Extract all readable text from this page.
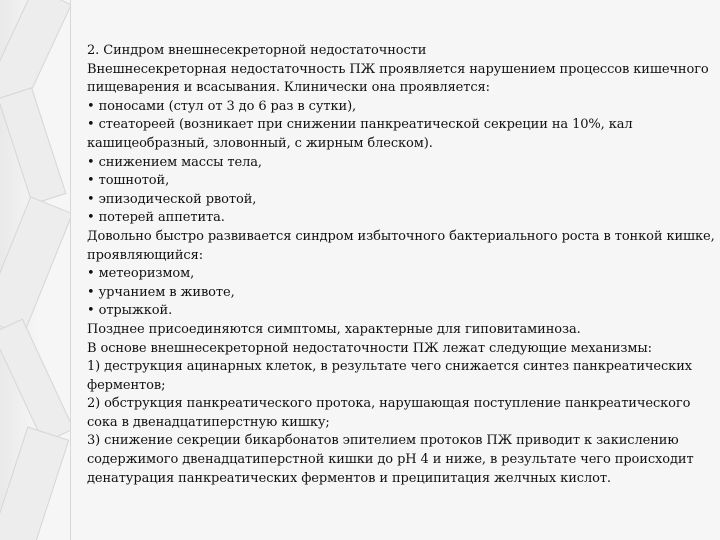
2. Синдром внешнесекреторной недостаточности
Внешнесекреторная недостаточность ПЖ проявляется нарушением процессов кишечного
пищеварения и всасывания. Клинически она проявляется:
• поносами (стул от 3 до 6 раз в сутки),
• стеатореей (возникает при снижении панкреатической секреции на 10%, кал
кашицеобразный, зловонный, с жирным блеском).
• снижением массы тела,
• тошнотой,
• эпизодической рвотой,
• потерей аппетита.
Довольно быстро развивается синдром избыточного бактериального роста в тонкой кишке,
проявляющийся:
• метеоризмом,
• урчанием в животе,
• отрыжкой.
Позднее присоединяются симптомы, характерные для гиповитаминоза.
В основе внешнесекреторной недостаточности ПЖ лежат следующие механизмы:
1) деструкция ацинарных клеток, в результате чего снижается синтез панкреатических
ферментов;
2) обструкция панкреатического протока, нарушающая поступление панкреатического
сока в двенадцатиперстную кишку;
3) снижение секреции бикарбонатов эпителием протоков ПЖ приводит к закислению
содержимого двенадцатиперстной кишки до pH 4 и ниже, в результате чего происходит
денатурация панкреатических ферментов и преципитация желчных кислот.
